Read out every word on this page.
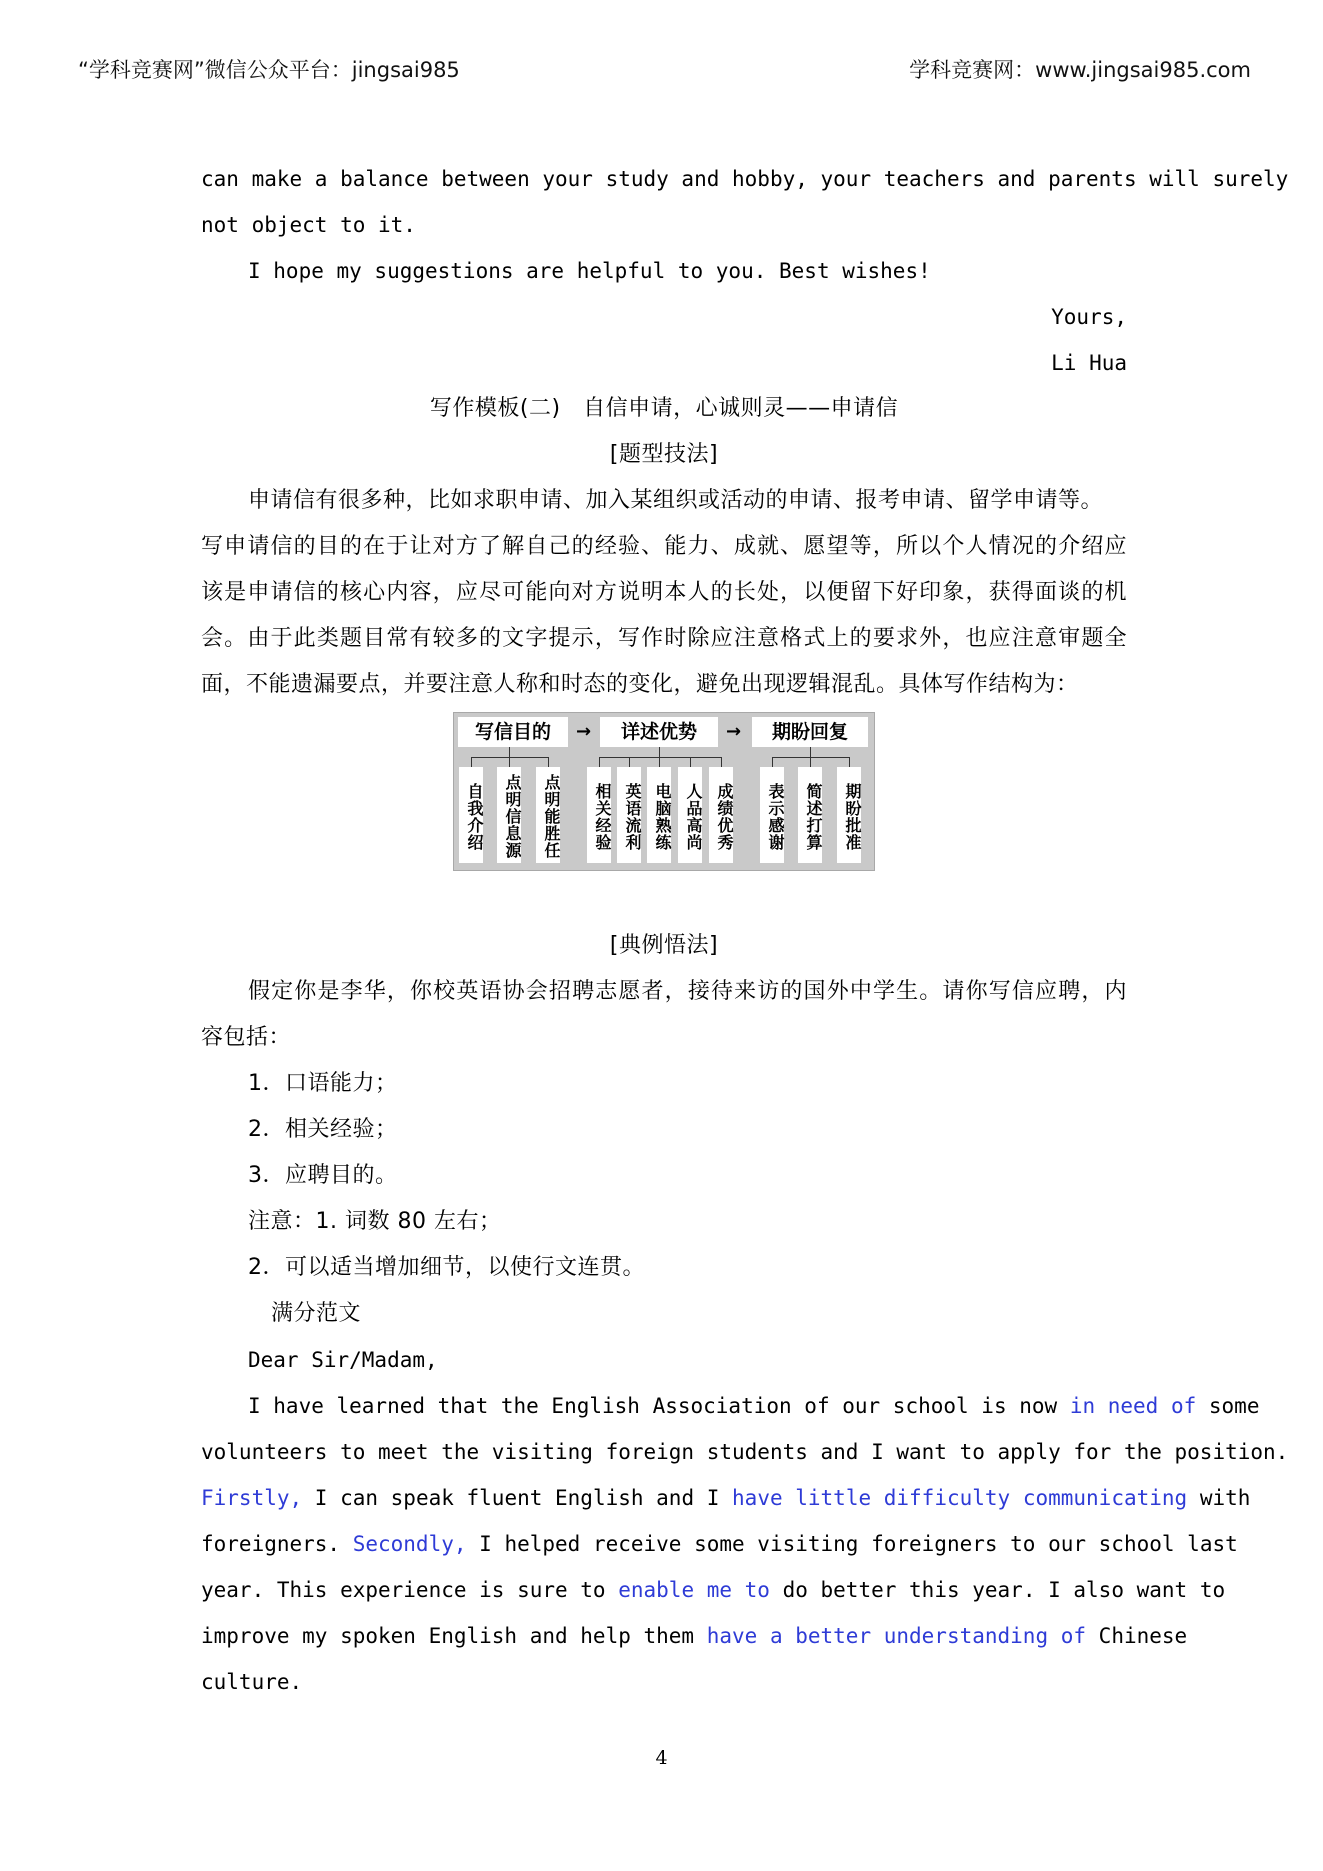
“学科竞赛网”微信公众平台：jingsai985	学科竞赛网：www.jingsai985.com
can make a balance between your study and hobby, your teachers and parents will surely
not object to it.
I hope my suggestions are helpful to you. Best wishes!
Yours,
Li Hua
写作模板(二)　自信申请，心诚则灵——申请信
[题型技法]
申请信有很多种，比如求职申请、加入某组织或活动的申请、报考申请、留学申请等。
写申请信的目的在于让对方了解自己的经验、能力、成就、愿望等，所以个人情况的介绍应
该是申请信的核心内容，应尽可能向对方说明本人的长处，以便留下好印象，获得面谈的机
会。由于此类题目常有较多的文字提示，写作时除应注意格式上的要求外，也应注意审题全
面，不能遗漏要点，并要注意人称和时态的变化，避免出现逻辑混乱。具体写作结构为：
写信目的	→	详述优势	→	期盼回复
自我介绍	点明信息源	点明能胜任	相关经验 英语流利 电脑熟练 人品高尚 成绩优秀	表示感谢	简述打算	期盼批准
[典例悟法]
假定你是李华，你校英语协会招聘志愿者，接待来访的国外中学生。请你写信应聘，内
容包括：
1．口语能力；
2．相关经验；
3．应聘目的。
注意：1. 词数 80 左右；
2．可以适当增加细节，以使行文连贯。
满分范文
Dear Sir/Madam,
I have learned that the English Association of our school is now in need of some
volunteers to meet the visiting foreign students and I want to apply for the position.
Firstly, I can speak fluent English and I have little difficulty communicating with
foreigners. Secondly, I helped receive some visiting foreigners to our school last
year. This experience is sure to enable me to do better this year. I also want to
improve my spoken English and help them have a better understanding of Chinese
culture.
4
